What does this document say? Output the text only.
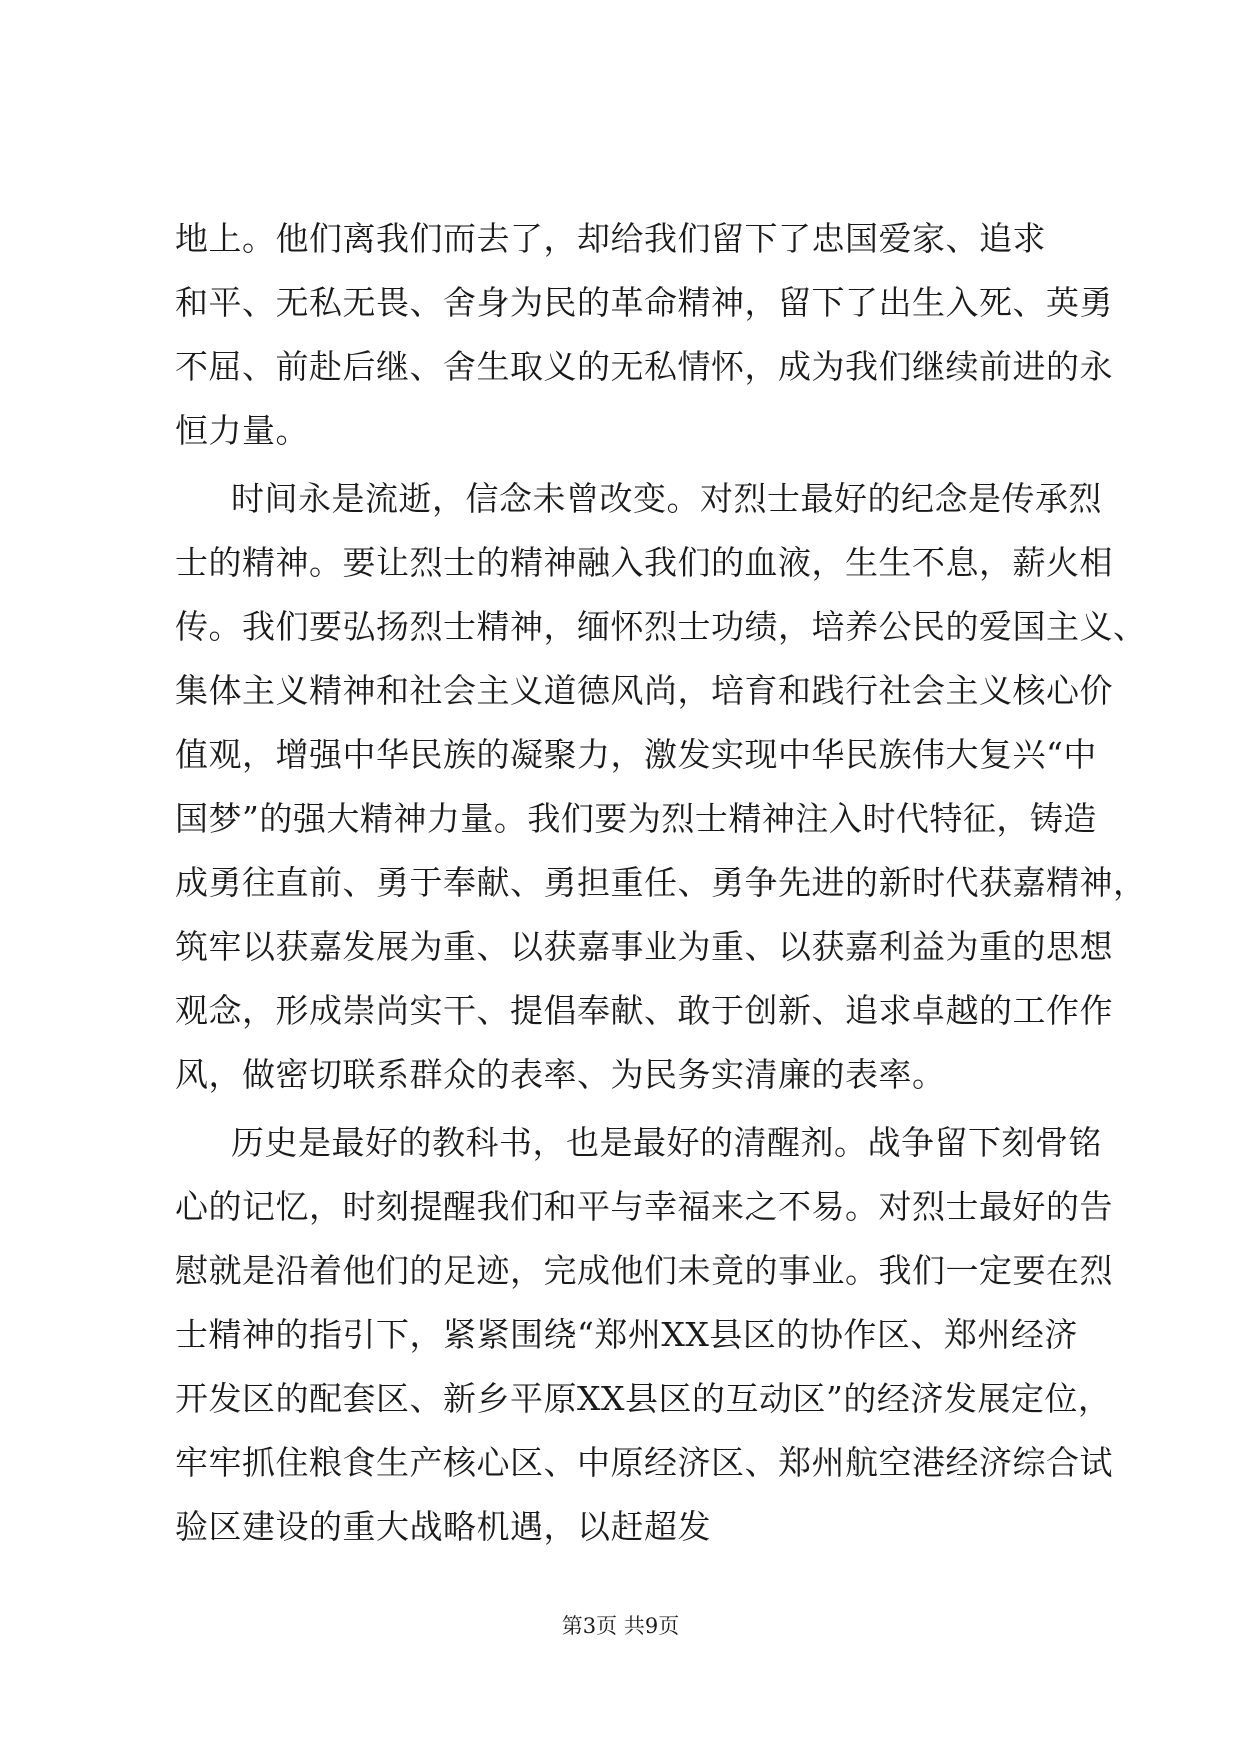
地上。他们离我们而去了，却给我们留下了忠国爱家、追求
和平、无私无畏、舍身为民的革命精神，留下了出生入死、英勇
不屈、前赴后继、舍生取义的无私情怀，成为我们继续前进的永
恒力量。
时间永是流逝，信念未曾改变。对烈士最好的纪念是传承烈
士的精神。要让烈士的精神融入我们的血液，生生不息，薪火相
传。我们要弘扬烈士精神，缅怀烈士功绩，培养公民的爱国主义、
集体主义精神和社会主义道德风尚，培育和践行社会主义核心价
值观，增强中华民族的凝聚力，激发实现中华民族伟大复兴“中
国梦”的强大精神力量。我们要为烈士精神注入时代特征，铸造
成勇往直前、勇于奉献、勇担重任、勇争先进的新时代获嘉精神，
筑牢以获嘉发展为重、以获嘉事业为重、以获嘉利益为重的思想
观念，形成崇尚实干、提倡奉献、敢于创新、追求卓越的工作作
风，做密切联系群众的表率、为民务实清廉的表率。
历史是最好的教科书，也是最好的清醒剂。战争留下刻骨铭
心的记忆，时刻提醒我们和平与幸福来之不易。对烈士最好的告
慰就是沿着他们的足迹，完成他们未竟的事业。我们一定要在烈
士精神的指引下，紧紧围绕“郑州XX县区的协作区、郑州经济
开发区的配套区、新乡平原XX县区的互动区”的经济发展定位，
牢牢抓住粮食生产核心区、中原经济区、郑州航空港经济综合试
验区建设的重大战略机遇，以赶超发
第3页 共9页
